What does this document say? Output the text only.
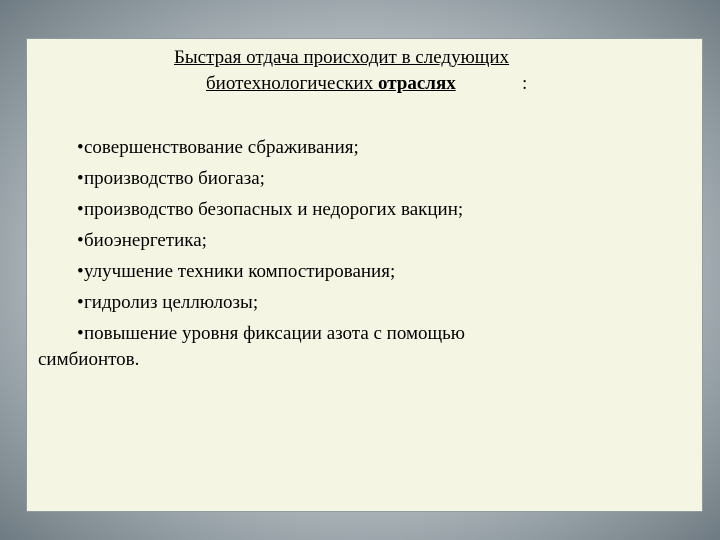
Быстрая отдача происходит в следующих
биотехнологических отраслях	:
•совершенствование сбраживания;
•производство биогаза;
•производство безопасных и недорогих вакцин;
•биоэнергетика;
•улучшение техники компостирования;
•гидролиз целлюлозы;
•повышение уровня фиксации азота с помощью
симбионтов.
